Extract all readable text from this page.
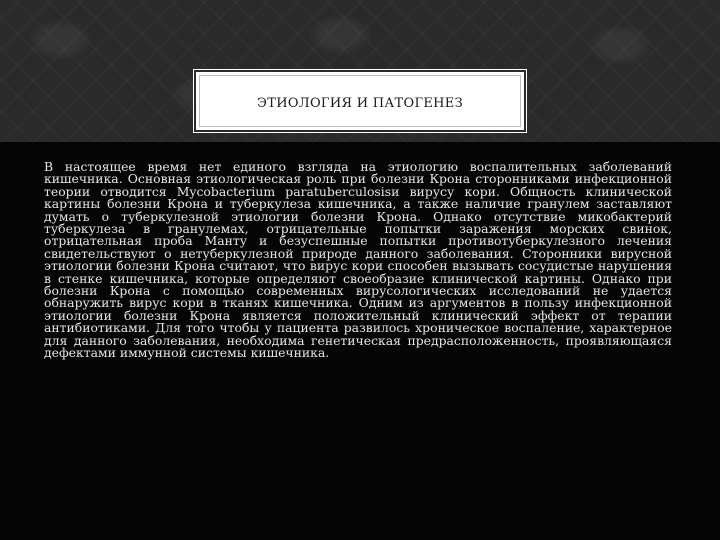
ЭТИОЛОГИЯ И ПАТОГЕНЕЗ

В настоящее время нет единого взгляда на этиологию воспалительных заболеваний кишечника. Основная этиологическая роль при болезни Крона сторонниками инфекционной теории отводится Mycobacterium paratuberculosisи вирусу кори. Общность клинической картины болезни Крона и туберкулеза кишечника, а также наличие гранулем заставляют думать о туберкулезной этиологии болезни Крона. Однако отсутствие микобактерий туберкулеза в гранулемах, отрицательные попытки заражения морских свинок, отрицательная проба Манту и безуспешные попытки противотуберкулезного лечения свидетельствуют о нетуберкулезной природе данного заболевания. Сторонники вирусной этиологии болезни Крона считают, что вирус кори способен вызывать сосудистые нарушения в стенке кишечника, которые определяют своеобразие клинической картины. Однако при болезни Крона с помощью современных вирусологических исследований не удается обнаружить вирус кори в тканях кишечника. Одним из аргументов в пользу инфекционной этиологии болезни Крона является положительный клинический эффект от терапии антибиотиками. Для того чтобы у пациента развилось хроническое воспаление, характерное для данного заболевания, необходима генетическая предрасположенность, проявляющаяся дефектами иммунной системы кишечника.
